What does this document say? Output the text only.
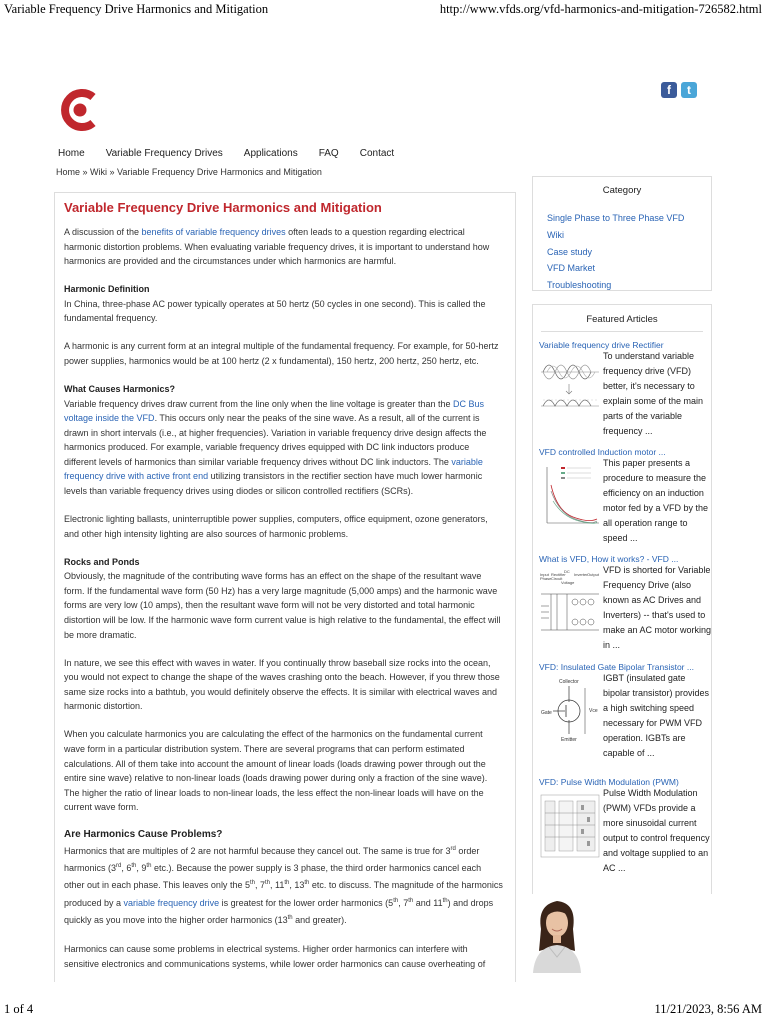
Variable Frequency Drive Harmonics and Mitigation	http://www.vfds.org/vfd-harmonics-and-mitigation-726582.html
f	t
Home Variable Frequency Drives Applications FAQ Contact
Home » Wiki » Variable Frequency Drive Harmonics and Mitigation
Variable Frequency Drive Harmonics and Mitigation

A discussion of the benefits of variable frequency drives often leads to a question regarding electrical harmonic distortion problems. When evaluating variable frequency drives, it is important to understand how harmonics are provided and the circumstances under which harmonics are harmful.

Harmonic Definition

In China, three-phase AC power typically operates at 50 hertz (50 cycles in one second). This is called the fundamental frequency.

A harmonic is any current form at an integral multiple of the fundamental frequency. For example, for 50-hertz power supplies, harmonics would be at 100 hertz (2 x fundamental), 150 hertz, 200 hertz, 250 hertz, etc.

What Causes Harmonics?

Variable frequency drives draw current from the line only when the line voltage is greater than the DC Bus voltage inside the VFD. This occurs only near the peaks of the sine wave. As a result, all of the current is drawn in short intervals (i.e., at higher frequencies). Variation in variable frequency drive design affects the harmonics produced. For example, variable frequency drives equipped with DC link inductors produce different levels of harmonics than similar variable frequency drives without DC link inductors. The variable frequency drive with active front end utilizing transistors in the rectifier section have much lower harmonic levels than variable frequency drives using diodes or silicon controlled rectifiers (SCRs).

Electronic lighting ballasts, uninterruptible power supplies, computers, office equipment, ozone generators, and other high intensity lighting are also sources of harmonic problems.

Rocks and Ponds

Obviously, the magnitude of the contributing wave forms has an effect on the shape of the resultant wave form. If the fundamental wave form (50 Hz) has a very large magnitude (5,000 amps) and the harmonic wave forms are very low (10 amps), then the resultant wave form will not be very distorted and total harmonic distortion will be low. If the harmonic wave form current value is high relative to the fundamental, the effect will be more dramatic.

In nature, we see this effect with waves in water. If you continually throw baseball size rocks into the ocean, you would not expect to change the shape of the waves crashing onto the beach. However, if you threw those same size rocks into a bathtub, you would definitely observe the effects. It is similar with electrical waves and harmonic distortion.

When you calculate harmonics you are calculating the effect of the harmonics on the fundamental current wave form in a particular distribution system. There are several programs that can perform estimated calculations. All of them take into account the amount of linear loads (loads drawing power through out the entire sine wave) relative to non-linear loads (loads drawing power during only a fraction of the sine wave). The higher the ratio of linear loads to non-linear loads, the less effect the non-linear loads will have on the current wave form.

Are Harmonics Cause Problems?

Harmonics that are multiples of 2 are not harmful because they cancel out. The same is true for 3rd order harmonics (3rd, 6th, 9th etc.). Because the power supply is 3 phase, the third order harmonics cancel each other out in each phase. This leaves only the 5th, 7th, 11th, 13th etc. to discuss. The magnitude of the harmonics produced by a variable frequency drive is greatest for the lower order harmonics (5th, 7th and 11th) and drops quickly as you move into the higher order harmonics (13th and greater).

Harmonics can cause some problems in electrical systems. Higher order harmonics can interfere with sensitive electronics and communications systems, while lower order harmonics can cause overheating of

Category
Single Phase to Three Phase VFD
Wiki
Case study
VFD Market
Troubleshooting
Featured Articles
Variable frequency drive Rectifier
To understand variable frequency drive (VFD) better, it's necessary to explain some of the main parts of the variable frequency ...
VFD controlled Induction motor ...
This paper presents a procedure to measure the efficiency on an induction motor fed by a VFD by the all operation range to speed ...
What is VFD, How it works? - VFD ...
Input
Phase
Rectifier
Circuit
DC
Inverter Output
Voltage
VFD is shorted for Variable Frequency Drive (also known as AC Drives and Inverters) -- that's used to make an AC motor working in ...
VFD: Insulated Gate Bipolar Transistor ...
Collector
Gate
Emitter
Vce
IGBT (insulated gate bipolar transistor) provides a high switching speed necessary for PWM VFD operation. IGBTs are capable of ...
VFD: Pulse Width Modulation (PWM)
Pulse Width Modulation (PWM) VFDs provide a more sinusoidal current output to control frequency and voltage supplied to an AC ...
1 of 4	11/21/2023, 8:56 AM
